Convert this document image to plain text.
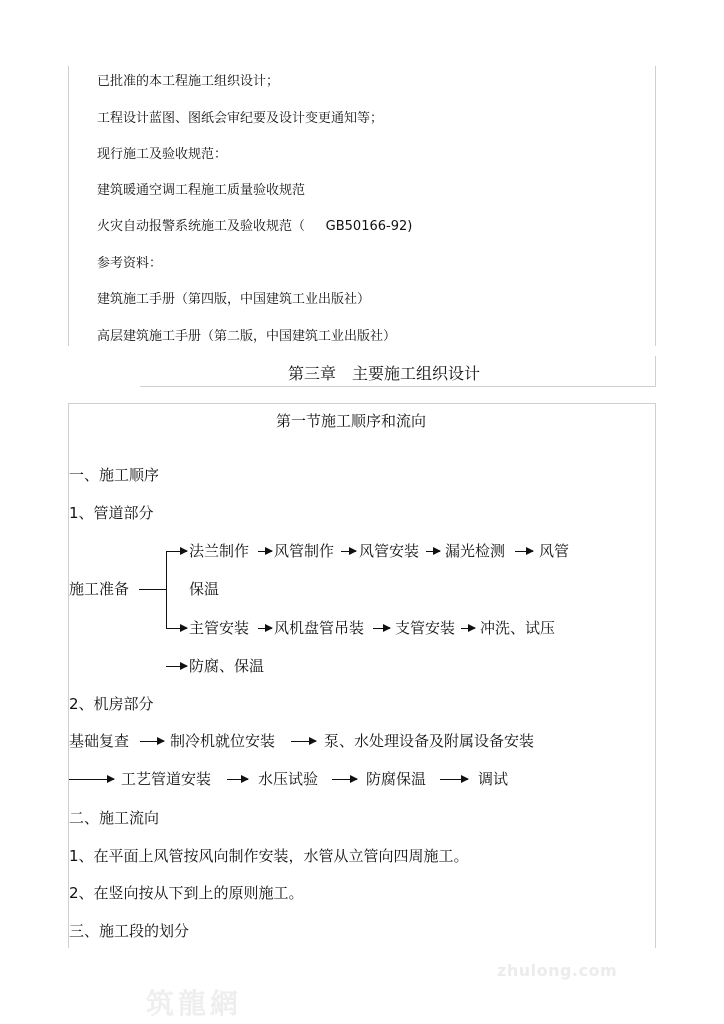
已批准的本工程施工组织设计；
工程设计蓝图、图纸会审纪要及设计变更通知等；
现行施工及验收规范：
建筑暖通空调工程施工质量验收规范
火灾自动报警系统施工及验收规范（     GB50166-92)
参考资料：
建筑施工手册（第四版，中国建筑工业出版社）
高层建筑施工手册（第二版，中国建筑工业出版社）
第三章　主要施工组织设计
第一节施工顺序和流向
一、施工顺序
1、管道部分
施工准备
法兰制作 风管制作 风管安装 漏光检测 风管
保温
主管安装 风机盘管吊装 支管安装 冲洗、试压
防腐、保温
2、机房部分
基础复查	制冷机就位安装	泵、水处理设备及附属设备安装
工艺管道安装	水压试验	防腐保温	调试
二、施工流向
1、在平面上风管按风向制作安装，水管从立管向四周施工。
2、在竖向按从下到上的原则施工。
三、施工段的划分
zhulong.com
筑龍網
